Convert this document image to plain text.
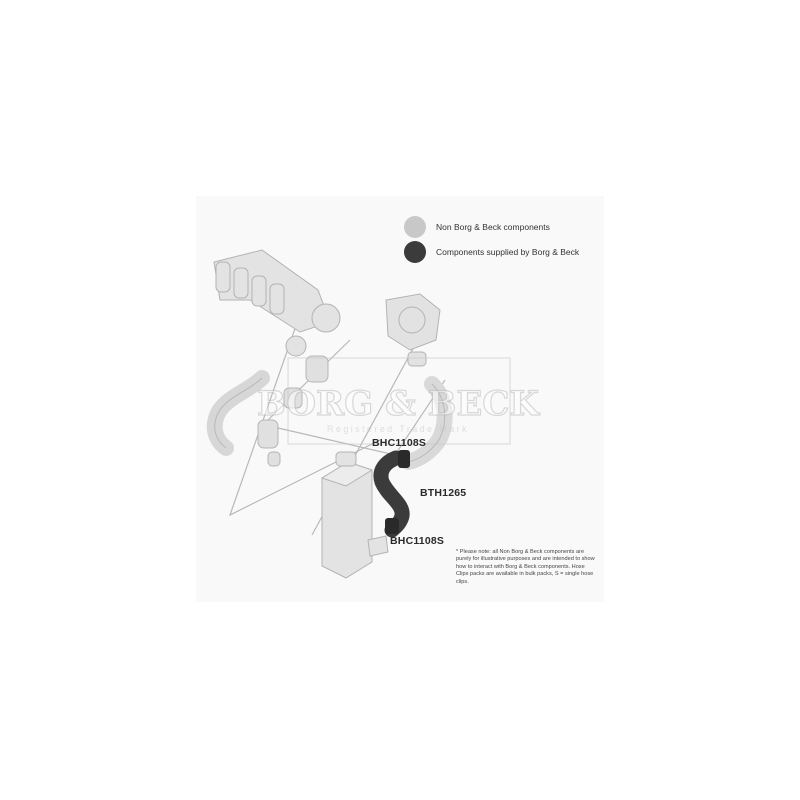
BORG & BECK
Registered Trade Mark
Non Borg & Beck components
Components supplied by Borg & Beck
BHC1108S
BTH1265
BHC1108S
* Please note: all Non Borg & Beck components are purely for illustrative purposes and are intended to show how to interact with Borg & Beck components. Hose Clips packs are available in bulk packs, S = single hose clips.
